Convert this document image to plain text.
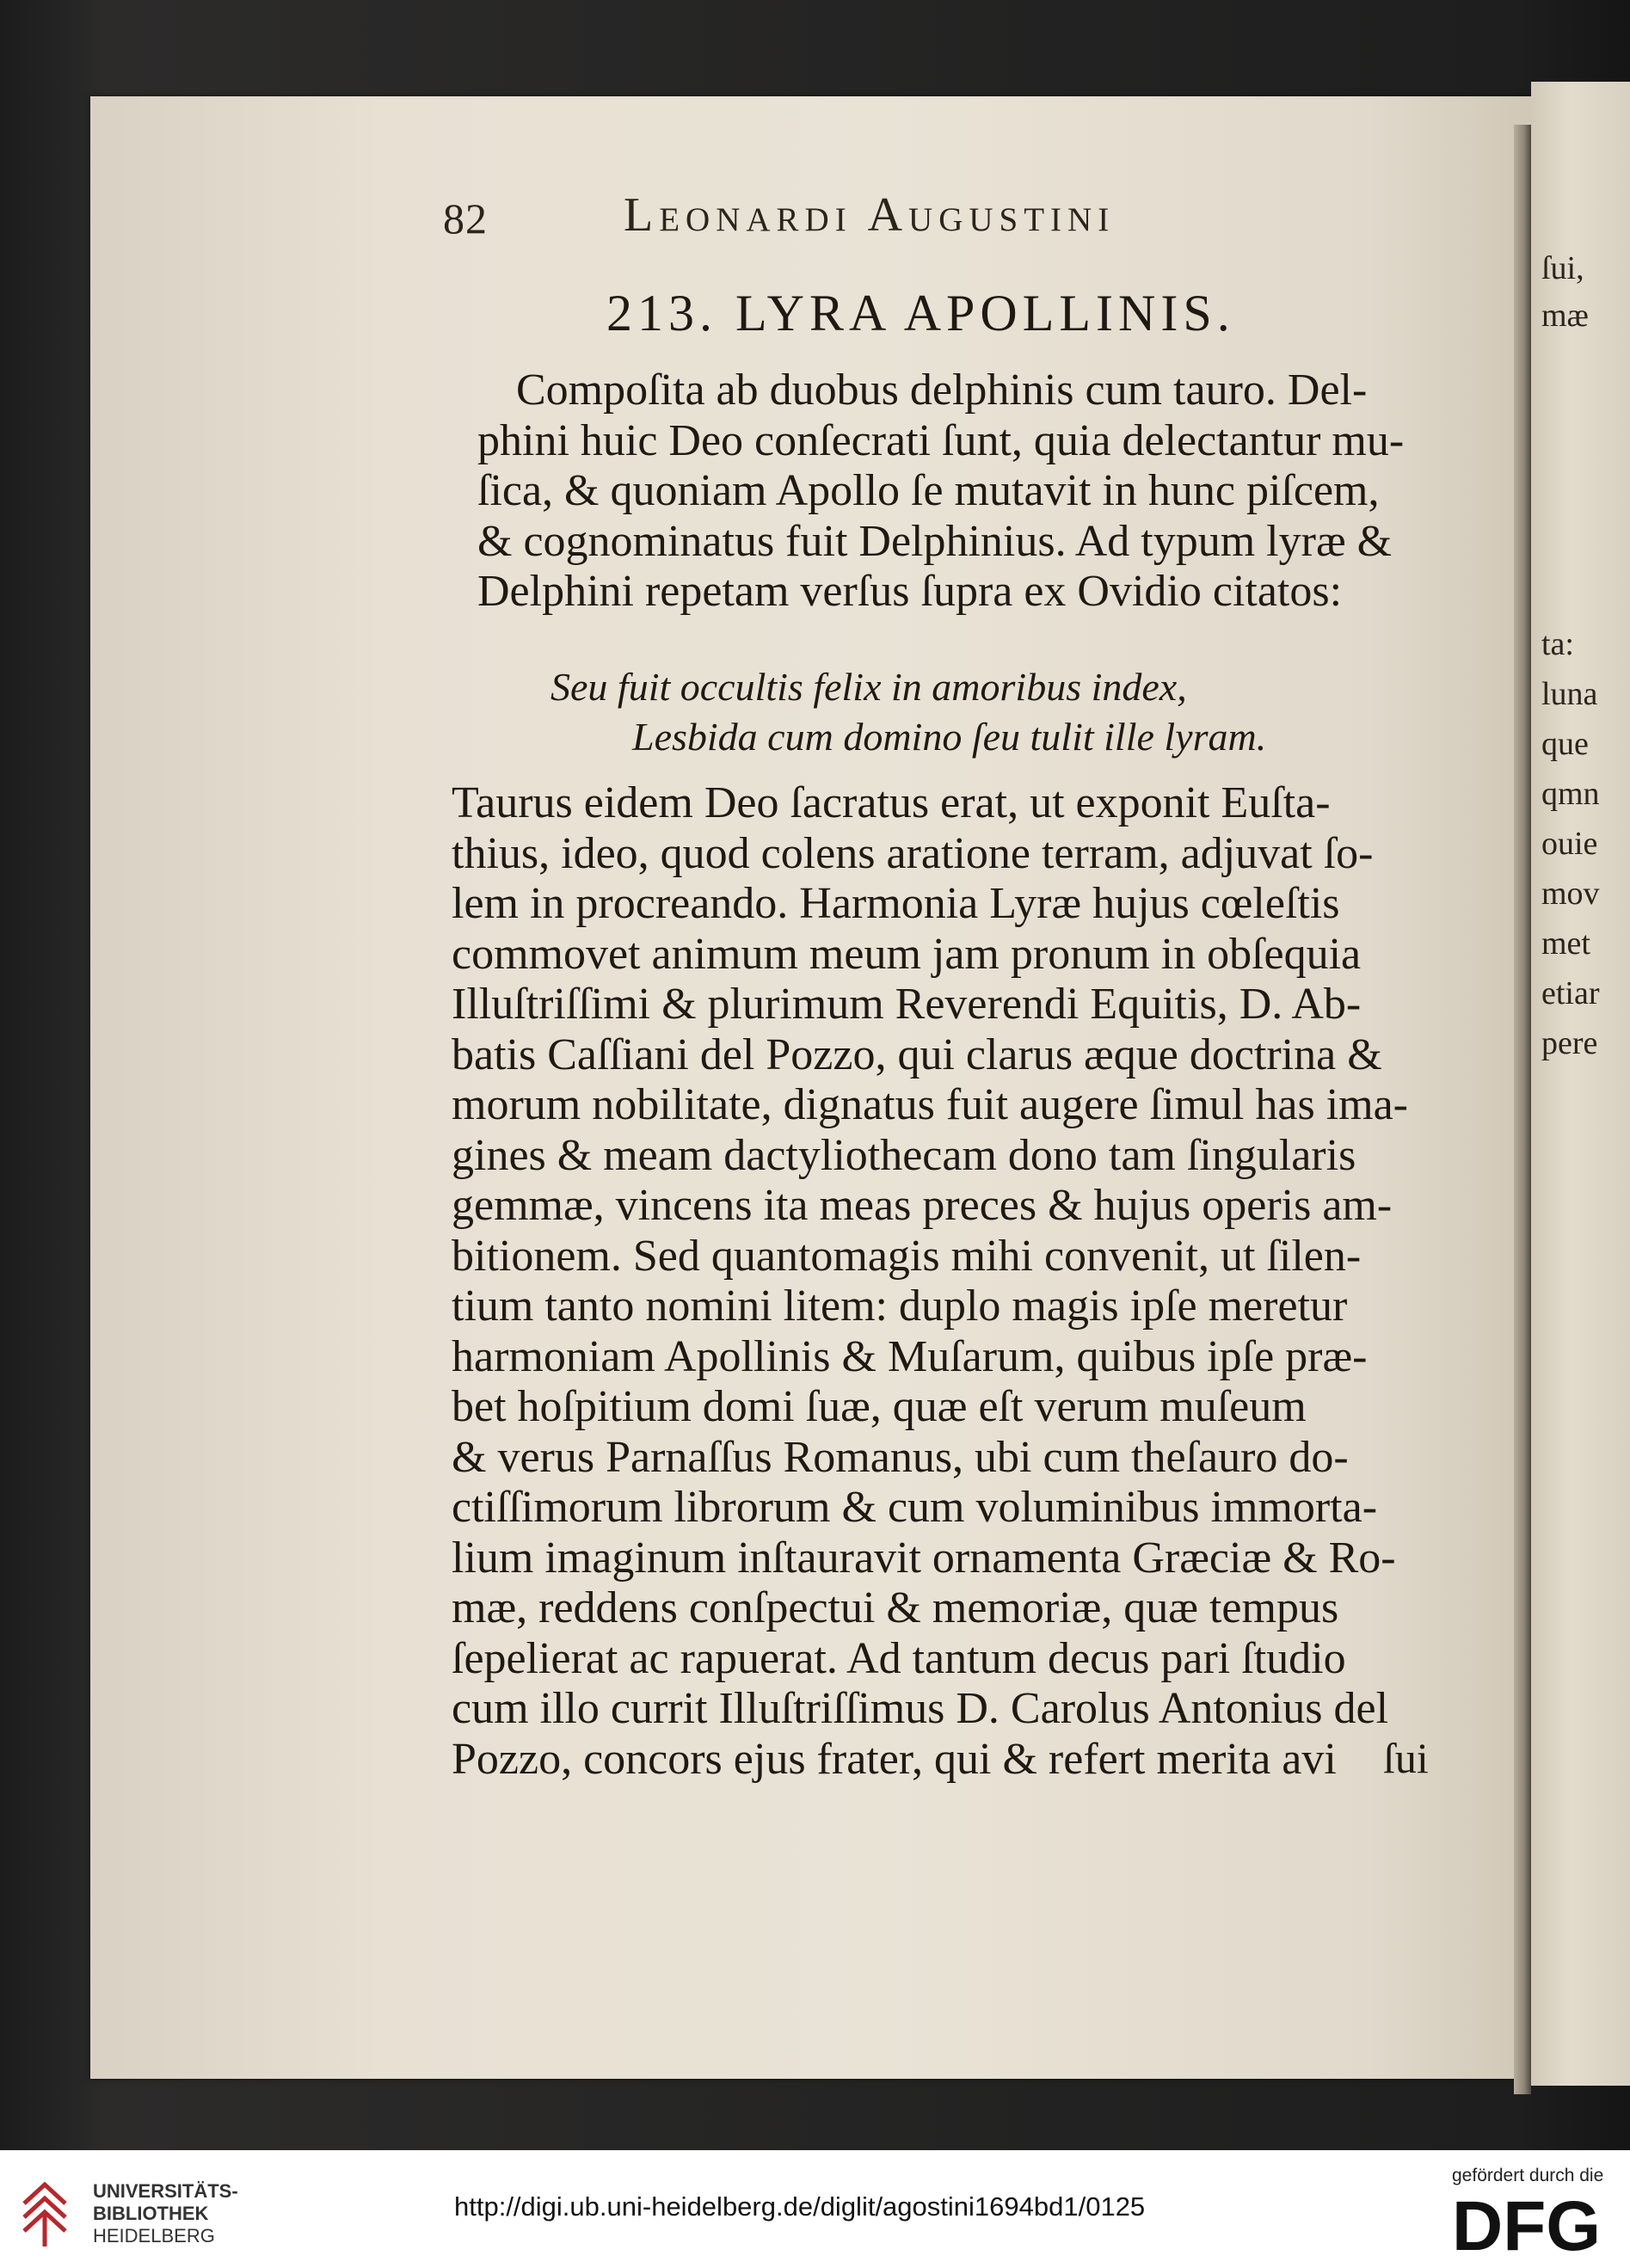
ſui,
mæ
ta:
luna
que
qmn
ouie
mov
met
etiar
pere
82	Leonardi Augustini
213. LYRA APOLLINIS.
Compoſita ab duobus delphinis cum tauro. Del-
phini huic Deo conſecrati ſunt, quia delectantur mu-
ſica, & quoniam Apollo ſe mutavit in hunc piſcem,
& cognominatus fuit Delphinius. Ad typum lyræ &
Delphini repetam verſus ſupra ex Ovidio citatos:
Seu fuit occultis felix in amoribus index,
Lesbida cum domino ſeu tulit ille lyram.
Taurus eidem Deo ſacratus erat, ut exponit Euſta-
thius, ideo, quod colens aratione terram, adjuvat ſo-
lem in procreando. Harmonia Lyræ hujus cœleſtis
commovet animum meum jam pronum in obſequia
Illuſtriſſimi & plurimum Reverendi Equitis, D. Ab-
batis Caſſiani del Pozzo, qui clarus æque doctrina &
morum nobilitate, dignatus fuit augere ſimul has ima-
gines & meam dactyliothecam dono tam ſingularis
gemmæ, vincens ita meas preces & hujus operis am-
bitionem. Sed quantomagis mihi convenit, ut ſilen-
tium tanto nomini litem: duplo magis ipſe meretur
harmoniam Apollinis & Muſarum, quibus ipſe præ-
bet hoſpitium domi ſuæ, quæ eſt verum muſeum
& verus Parnaſſus Romanus, ubi cum theſauro do-
ctiſſimorum librorum & cum voluminibus immorta-
lium imaginum inſtauravit ornamenta Græciæ & Ro-
mæ, reddens conſpectui & memoriæ, quæ tempus
ſepelierat ac rapuerat. Ad tantum decus pari ſtudio
cum illo currit Illuſtriſſimus D. Carolus Antonius del
Pozzo, concors ejus frater, qui & refert merita avi	ſui
UNIVERSITÄTS-
BIBLIOTHEK
HEIDELBERG
http://digi.ub.uni-heidelberg.de/diglit/agostini1694bd1/0125
gefördert durch die
DFG
